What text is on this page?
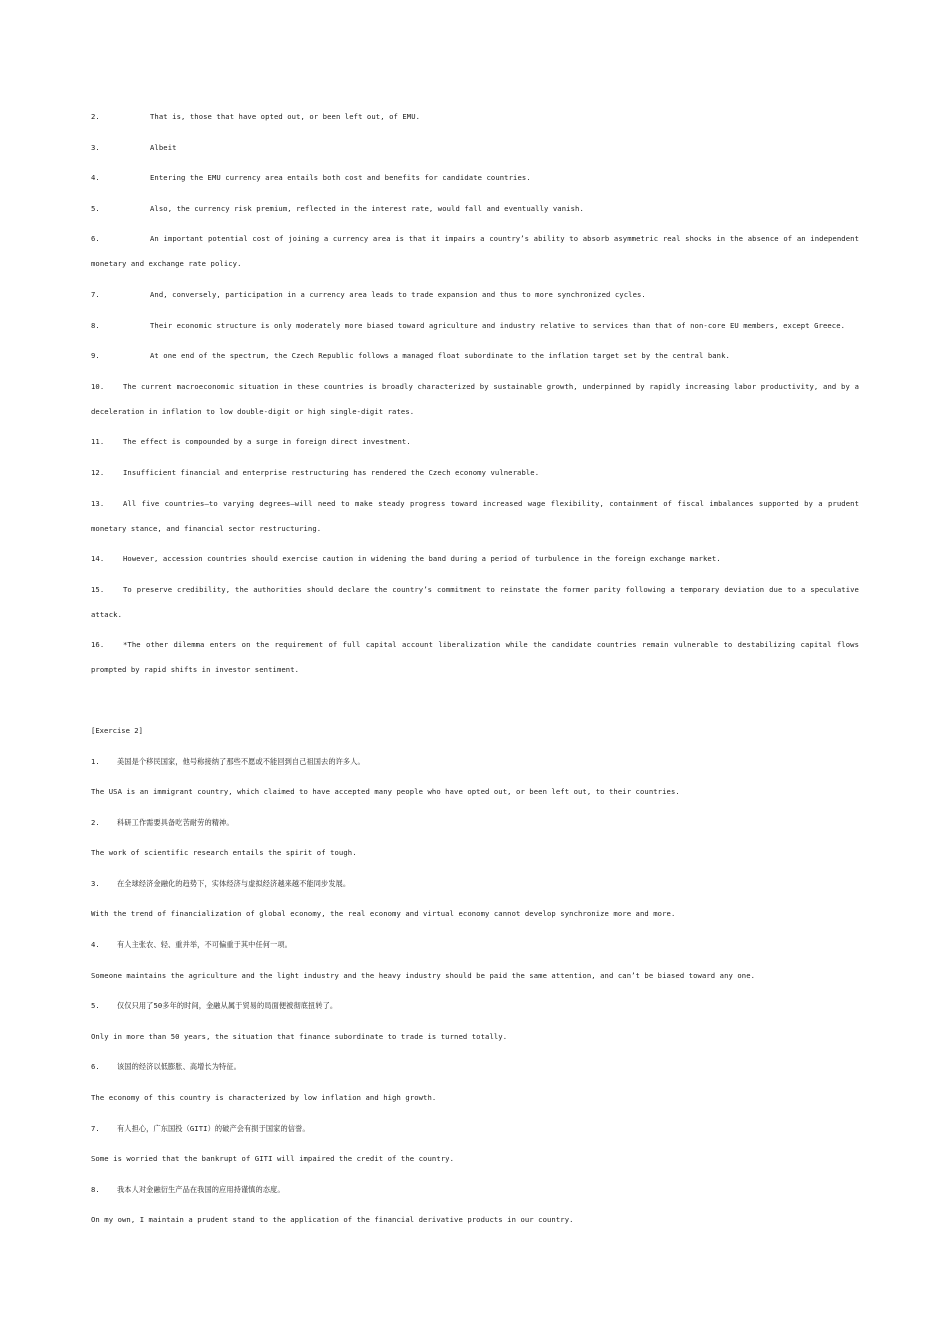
2.	That is, those that have opted out, or been left out, of EMU.

3.	Albeit

4.	Entering the EMU currency area entails both cost and benefits for candidate countries.

5.	Also, the currency risk premium, reflected in the interest rate, would fall and eventually vanish.

6.	An important potential cost of joining a currency area is that it impairs a country’s ability to absorb asymmetric real shocks in the absence of an independent monetary and exchange rate policy.

7.	And, conversely, participation in a currency area leads to trade expansion and thus to more synchronized cycles.

8.	Their economic structure is only moderately more biased toward agriculture and industry relative to services than that of non-core EU members, except Greece.

9.	At one end of the spectrum, the Czech Republic follows a managed float subordinate to the inflation target set by the central bank.

10.	The current macroeconomic situation in these countries is broadly characterized by sustainable growth, underpinned by rapidly increasing labor productivity, and by a deceleration in inflation to low double-digit or high single-digit rates.

11.	The effect is compounded by a surge in foreign direct investment.

12.	Insufficient financial and enterprise restructuring has rendered the Czech economy vulnerable.

13.	All five countries—to varying degrees—will need to make steady progress toward increased wage flexibility, containment of fiscal imbalances supported by a prudent monetary stance, and financial sector restructuring.

14.	However, accession countries should exercise caution in widening the band during a period of turbulence in the foreign exchange market.

15.	To preserve credibility, the authorities should declare the country’s commitment to reinstate the former parity following a temporary deviation due to a speculative attack.

16.	*The other dilemma enters on the requirement of full capital account liberalization while the candidate countries remain vulnerable to destabilizing capital flows prompted by rapid shifts in investor sentiment.

[Exercise 2]

1. 美国是个移民国家，他号称接纳了那些不愿或不能回到自己祖国去的许多人。

The USA is an immigrant country, which claimed to have accepted many people who have opted out, or been left out, to their countries.

2. 科研工作需要具备吃苦耐劳的精神。

The work of scientific research entails the spirit of tough.

3. 在全球经济金融化的趋势下，实体经济与虚拟经济越来越不能同步发展。

With the trend of financialization of global economy, the real economy and virtual economy cannot develop synchronize more and more.

4. 有人主张农、轻、重并举，不可偏重于其中任何一项。

Someone maintains the agriculture and the light industry and the heavy industry should be paid the same attention, and can’t be biased toward any one.

5. 仅仅只用了50多年的时间，金融从属于贸易的局面便被彻底扭转了。

Only in more than 50 years, the situation that finance subordinate to trade is turned totally.

6. 该国的经济以低膨胀、高增长为特征。

The economy of this country is characterized by low inflation and high growth.

7. 有人担心，广东国投（GITI）的破产会有损于国家的信誉。

Some is worried that the bankrupt of GITI will impaired the credit of the country.

8. 我本人对金融衍生产品在我国的应用持谨慎的态度。

On my own, I maintain a prudent stand to the application of the financial derivative products in our country.
